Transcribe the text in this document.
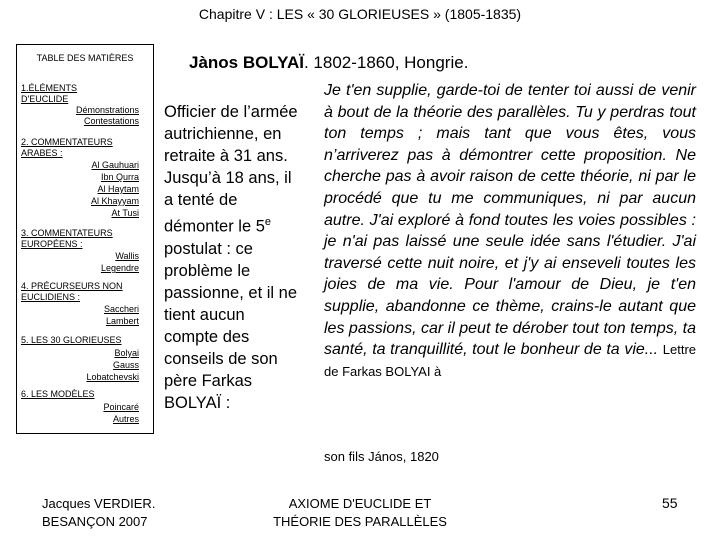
Chapitre V : LES « 30 GLORIEUSES » (1805-1835)
TABLE DES MATIÈRES
1.ÉLÉMENTS D'EUCLIDE
Démonstrations
Contestations
2. COMMENTATEURS ARABES :
Al Gauhuari
Ibn Qurra
Al Haytam
Al Khayyam
At Tusi
3. COMMENTATEURS EUROPÉENS :
Wallis
Legendre
4. PRÉCURSEURS NON EUCLIDIENS :
Saccheri
Lambert
5. LES 30 GLORIEUSES
Bolyai
Gauss
Lobatchevski
6. LES MODÈLES
Poincaré
Autres
Jànos BOLYAÏ. 1802-1860, Hongrie.
Officier de l’armée
autrichienne, en
retraite à 31 ans.
Jusqu’à 18 ans, il
a tenté de
démonter le 5e
postulat : ce
problème le
passionne, et il ne
tient aucun
compte des
conseils de son
père Farkas
BOLYAÏ :
Je t'en supplie, garde-toi de tenter toi aussi de venir à bout de la théorie des parallèles. Tu y perdras tout ton temps ; mais tant que vous êtes, vous n’arriverez pas à démontrer cette proposition. Ne cherche pas à avoir raison de cette théorie, ni par le procédé que tu me communiques, ni par aucun autre. J'ai exploré à fond toutes les voies possibles : je n'ai pas laissé une seule idée sans l'étudier. J'ai traversé cette nuit noire, et j'y ai enseveli toutes les joies de ma vie. Pour l'amour de Dieu, je t'en supplie, abandonne ce thème, crains-le autant que les passions, car il peut te dérober tout ton temps, ta santé, ta tranquillité, tout le bonheur de ta vie... Lettre de Farkas BOLYAI à
son fils János, 1820
Jacques VERDIER.
BESANÇON 2007
AXIOME D'EUCLIDE ET
THÉORIE DES PARALLÈLES
55
